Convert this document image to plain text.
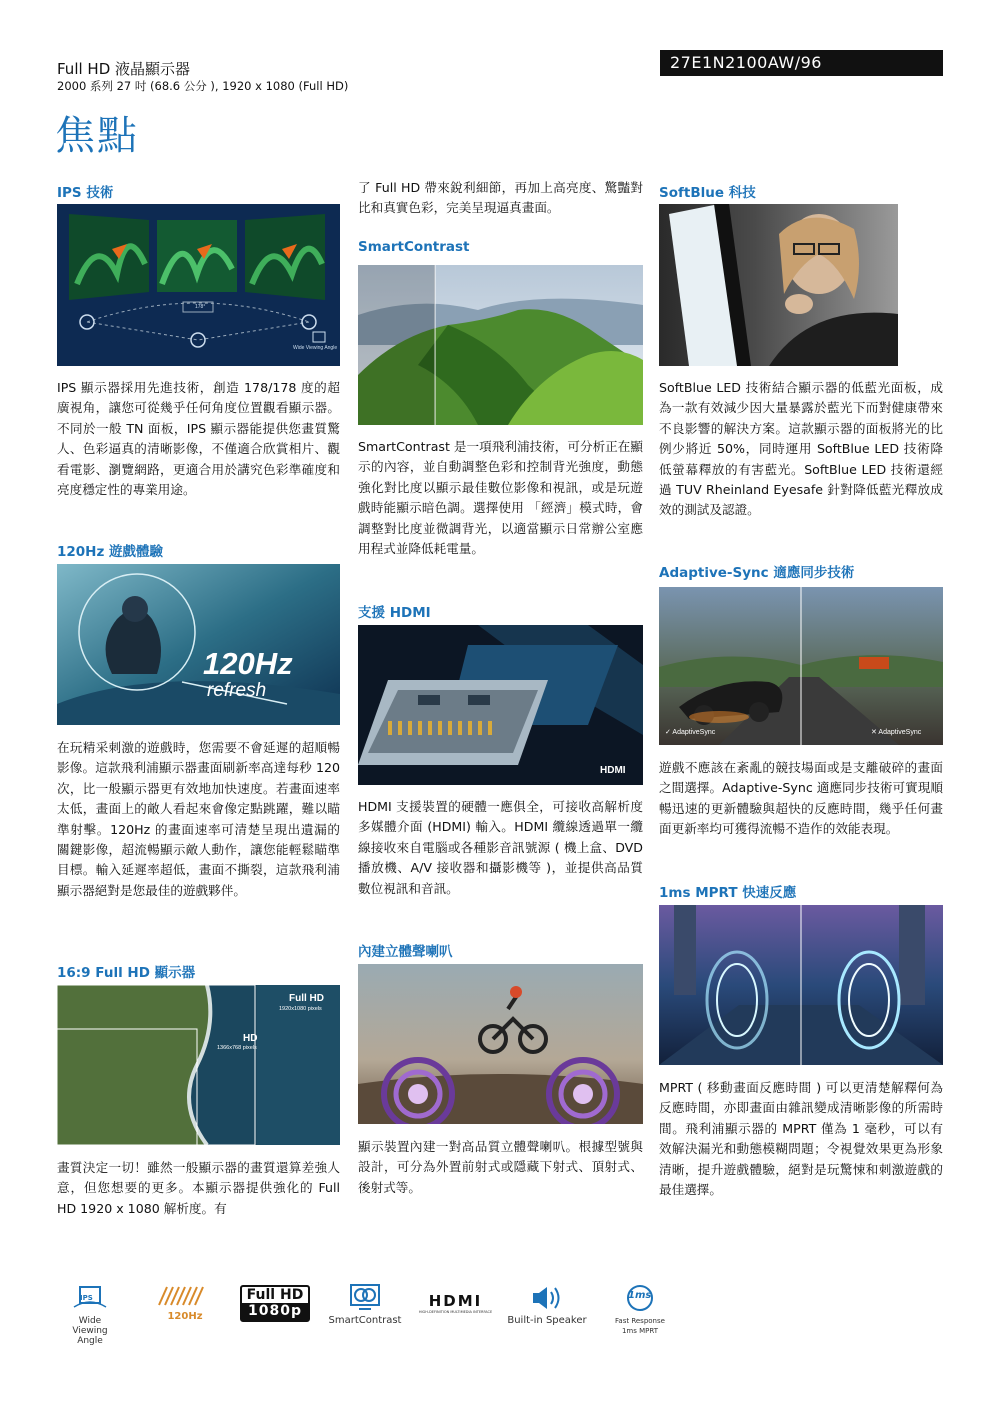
Full HD 液晶顯示器
2000 系列 27 吋 (68.6 公分 ), 1920 x 1080 (Full HD)
27E1N2100AW/96
焦點
IPS 技術
178°
Wide Viewing Angle
IPS 顯示器採用先進技術，創造 178/178 度的超廣視角，讓您可從幾乎任何角度位置觀看顯示器。不同於一般 TN 面板，IPS 顯示器能提供您畫質驚人、色彩逼真的清晰影像，不僅適合欣賞相片、觀看電影、瀏覽網路，更適合用於講究色彩準確度和亮度穩定性的專業用途。
120Hz 遊戲體驗
120Hz
refresh
在玩精采刺激的遊戲時，您需要不會延遲的超順暢影像。這款飛利浦顯示器畫面刷新率高達每秒 120 次，比一般顯示器更有效地加快速度。若畫面速率太低，畫面上的敵人看起來會像定點跳躍，難以瞄準射擊。120Hz 的畫面速率可清楚呈現出遺漏的關鍵影像，超流暢顯示敵人動作，讓您能輕鬆瞄準目標。輸入延遲率超低，畫面不撕裂，這款飛利浦顯示器絕對是您最佳的遊戲夥伴。
16:9 Full HD 顯示器
Full HD
1920x1080 pixels
HD
1366x768 pixels
畫質決定一切！雖然一般顯示器的畫質還算差強人意，但您想要的更多。本顯示器提供強化的 Full HD 1920 x 1080 解析度。有
了 Full HD 帶來銳利細節，再加上高亮度、驚豔對比和真實色彩，完美呈現逼真畫面。
SmartContrast
SmartContrast 是一項飛利浦技術，可分析正在顯示的內容，並自動調整色彩和控制背光強度，動態強化對比度以顯示最佳數位影像和視訊，或是玩遊戲時能顯示暗色調。選擇使用 「經濟」模式時，會調整對比度並微調背光，以適當顯示日常辦公室應用程式並降低耗電量。
支援 HDMI
HDMI
HDMI 支援裝置的硬體一應俱全，可接收高解析度多媒體介面 (HDMI) 輸入。HDMI 纜線透過單一纜線接收來自電腦或各種影音訊號源 ( 機上盒、DVD 播放機、A/V 接收器和攝影機等 )，並提供高品質數位視訊和音訊。
內建立體聲喇叭
顯示裝置內建一對高品質立體聲喇叭。根據型號與設計，可分為外置前射式或隱藏下射式、頂射式、後射式等。
SoftBlue 科技
SoftBlue LED 技術結合顯示器的低藍光面板，成為一款有效減少因大量暴露於藍光下而對健康帶來不良影響的解決方案。這款顯示器的面板將光的比例少將近 50%，同時運用 SoftBlue LED 技術降低螢幕釋放的有害藍光。SoftBlue LED 技術還經過 TUV Rheinland Eyesafe 針對降低藍光釋放成效的測試及認證。
Adaptive-Sync 適應同步技術
✓ AdaptiveSync	✕ AdaptiveSync
遊戲不應該在紊亂的競技場面或是支離破碎的畫面之間選擇。Adaptive-Sync 適應同步技術可實現順暢迅速的更新體驗與超快的反應時間，幾乎任何畫面更新率均可獲得流暢不造作的效能表現。
1ms MPRT 快速反應
MPRT ( 移動畫面反應時間 ) 可以更清楚解釋何為反應時間，亦即畫面由雜訊變成清晰影像的所需時間。飛利浦顯示器的 MPRT 僅為 1 毫秒，可以有效解決漏光和動態模糊問題；令視覺效果更為形象清晰，提升遊戲體驗，絕對是玩驚悚和刺激遊戲的最佳選擇。
IPS
Wide Viewing
Angle
120Hz
Full HD
1080p
SmartContrast
HDMI
HIGH-DEFINITION MULTIMEDIA INTERFACE
Built-in Speaker
1ms
Fast Response
1ms MPRT
